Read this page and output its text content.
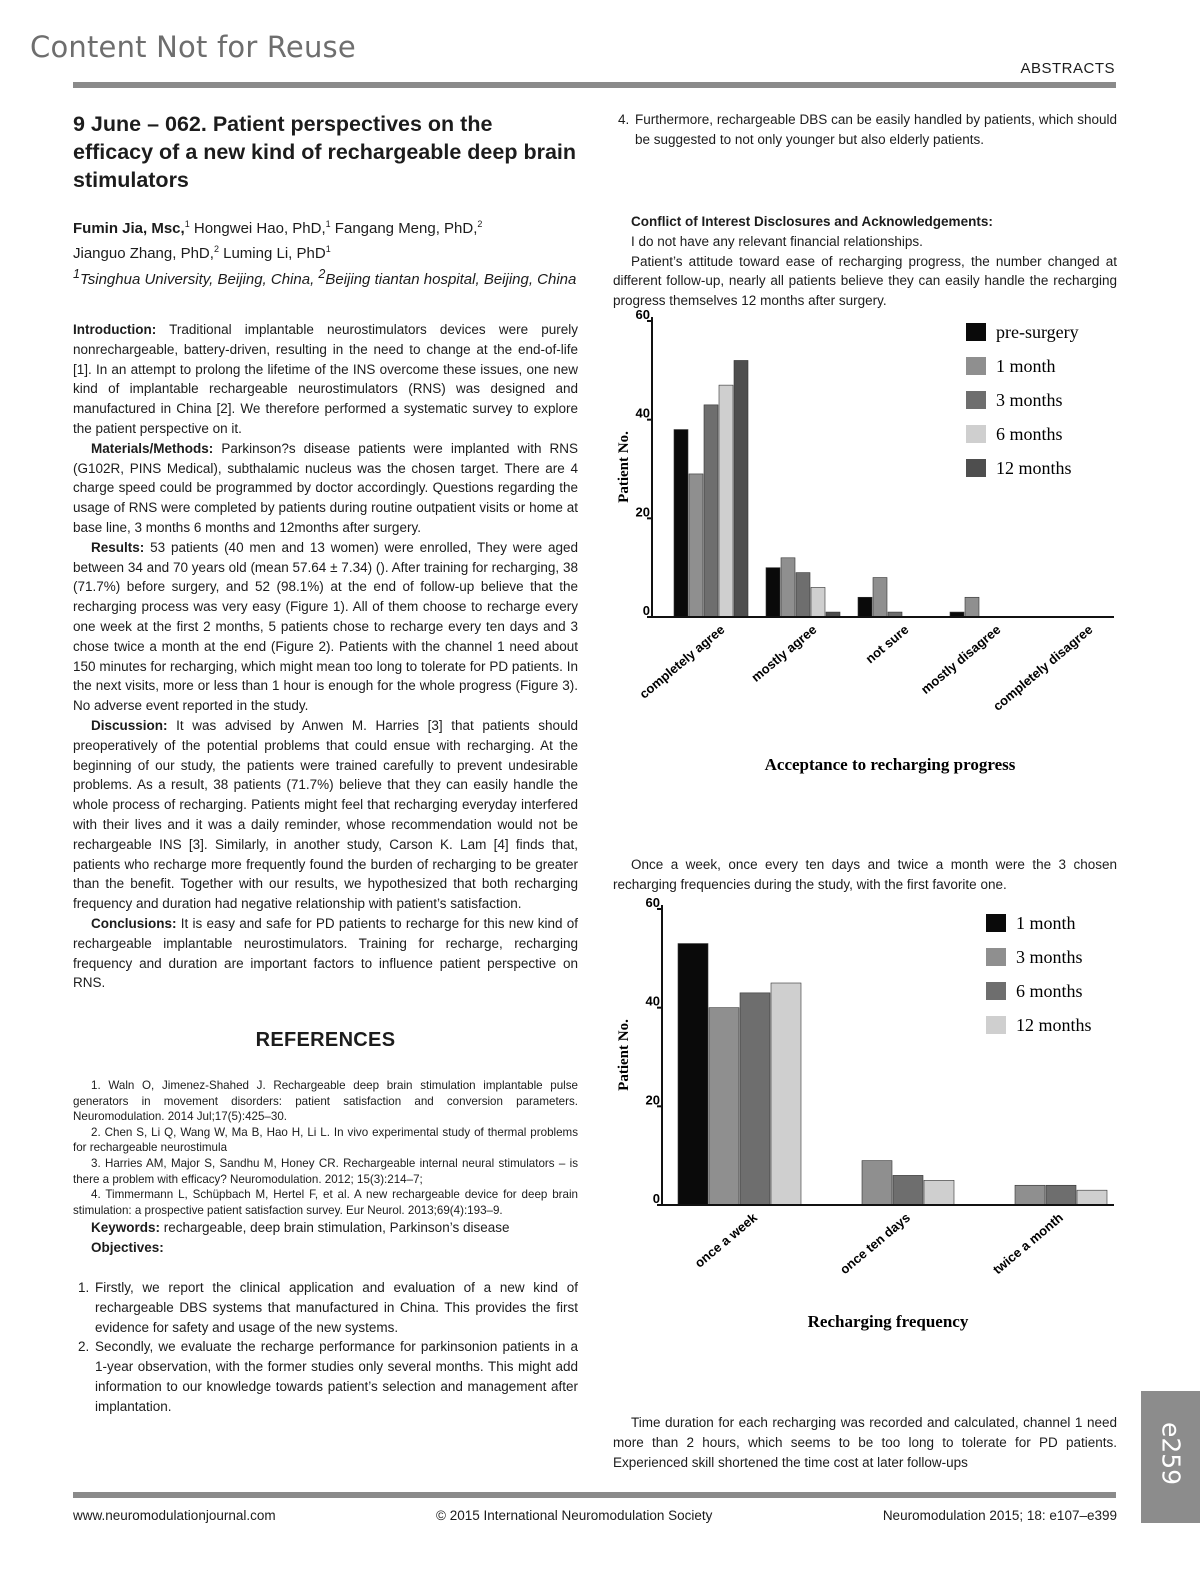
Content Not for Reuse
ABSTRACTS
9 June – 062. Patient perspectives on the efficacy of a new kind of rechargeable deep brain stimulators
Fumin Jia, Msc,$^1$ Hongwei Hao, PhD,$^1$ Fangang Meng, PhD,$^2$
Jianguo Zhang, PhD,$^2$ Luming Li, PhD$^1$
$^1$Tsinghua University, Beijing, China, $^2$Beijing tiantan hospital, Beijing, China

Introduction: Traditional implantable neurostimulators devices were purely nonrechargeable, battery-driven, resulting in the need to change at the end-of-life [1]. In an attempt to prolong the lifetime of the INS overcome these issues, one new kind of implantable rechargeable neurostimulators (RNS) was designed and manufactured in China [2]. We therefore performed a systematic survey to explore the patient perspective on it.

Materials/Methods: Parkinson?s disease patients were implanted with RNS (G102R, PINS Medical), subthalamic nucleus was the chosen target. There are 4 charge speed could be programmed by doctor accordingly. Questions regarding the usage of RNS were completed by patients during routine outpatient visits or home at base line, 3 months 6 months and 12months after surgery.

Results: 53 patients (40 men and 13 women) were enrolled, They were aged between 34 and 70 years old (mean 57.64 ± 7.34) (). After training for recharging, 38 (71.7%) before surgery, and 52 (98.1%) at the end of follow-up believe that the recharging process was very easy (Figure 1). All of them choose to recharge every one week at the first 2 months, 5 patients chose to recharge every ten days and 3 chose twice a month at the end (Figure 2). Patients with the channel 1 need about 150 minutes for recharging, which might mean too long to tolerate for PD patients. In the next visits, more or less than 1 hour is enough for the whole progress (Figure 3). No adverse event reported in the study.

Discussion: It was advised by Anwen M. Harries [3] that patients should preoperatively of the potential problems that could ensue with recharging. At the beginning of our study, the patients were trained carefully to prevent undesirable problems. As a result, 38 patients (71.7%) believe that they can easily handle the whole process of recharging. Patients might feel that recharging everyday interfered with their lives and it was a daily reminder, whose recommendation would not be rechargeable INS [3]. Similarly, in another study, Carson K. Lam [4] finds that, patients who recharge more frequently found the burden of recharging to be greater than the benefit. Together with our results, we hypothesized that both recharging frequency and duration had negative relationship with patient’s satisfaction.

Conclusions: It is easy and safe for PD patients to recharge for this new kind of rechargeable implantable neurostimulators. Training for recharge, recharging frequency and duration are important factors to influence patient perspective on RNS.

REFERENCES
1. Waln O, Jimenez-Shahed J. Rechargeable deep brain stimulation implantable pulse generators in movement disorders: patient satisfaction and conversion parameters. Neuromodulation. 2014 Jul;17(5):425–30.
2. Chen S, Li Q, Wang W, Ma B, Hao H, Li L. In vivo experimental study of thermal problems for rechargeable neurostimula
3. Harries AM, Major S, Sandhu M, Honey CR. Rechargeable internal neural stimulators – is there a problem with efficacy? Neuromodulation. 2012; 15(3):214–7;
4. Timmermann L, Schüpbach M, Hertel F, et al. A new rechargeable device for deep brain stimulation: a prospective patient satisfaction survey. Eur Neurol. 2013;69(4):193–9.
Keywords: rechargeable, deep brain stimulation, Parkinson’s disease
Objectives:
1. Firstly, we report the clinical application and evaluation of a new kind of rechargeable DBS systems that manufactured in China. This provides the first evidence for safety and usage of the new systems.
2. Secondly, we evaluate the recharge performance for parkinsonion patients in a 1-year observation, with the former studies only several months. This might add information to our knowledge towards patient’s selection and management after implantation.
4. Furthermore, rechargeable DBS can be easily handled by patients, which should be suggested to not only younger but also elderly patients.

Conflict of Interest Disclosures and Acknowledgements:

I do not have any relevant financial relationships.

Patient’s attitude toward ease of recharging progress, the number changed at different follow-up, nearly all patients believe they can easily handle the recharging progress themselves 12 months after surgery.

0
20
40
60
completely agree mostly agree	not sure mostly disagree
completely disagree
Patient No.
Acceptance to recharging progress
pre-surgery
1 month
3 months
6 months
12 months

Once a week, once every ten days and twice a month were the 3 chosen recharging frequencies during the study, with the first favorite one.

0
20
40
60
once a week	once ten days	twice a month
Patient No.
Recharging frequency
1 month
3 months
6 months
12 months

Time duration for each recharging was recorded and calculated, channel 1 need more than 2 hours, which seems to be too long to tolerate for PD patients. Experienced skill shortened the time cost at later follow-ups

www.neuromodulationjournal.com	© 2015 International Neuromodulation Society	Neuromodulation 2015; 18: e107–e399
e259
